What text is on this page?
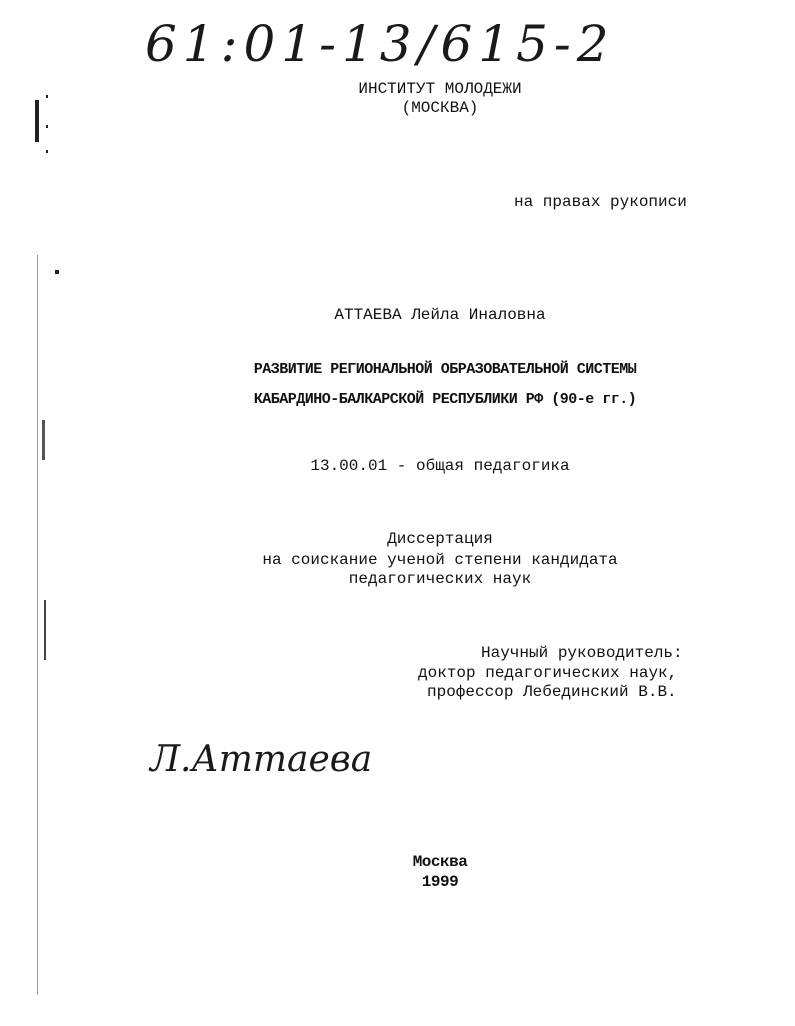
61:01-13/615-2
ИНСТИТУТ МОЛОДЕЖИ
(МОСКВА)
на правах рукописи
АТТАЕВА Лейла Иналовна
РАЗВИТИЕ РЕГИОНАЛЬНОЙ ОБРАЗОВАТЕЛЬНОЙ СИСТЕМЫ
КАБАРДИНО-БАЛКАРСКОЙ РЕСПУБЛИКИ РФ (90-е гг.)
13.00.01 - общая педагогика
Диссертация
на соискание ученой степени кандидата
педагогических наук
Научный руководитель:
доктор педагогических наук,
профессор Лебединский В.В.
Л.Аттаева
Москва
1999
